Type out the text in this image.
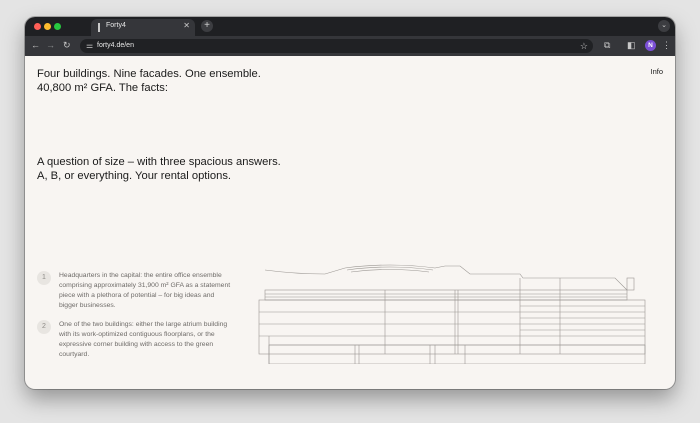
Forty4	✕	+	⌄
← → ↻ ⚌ forty4.de/en	☆ ⧉ ◧	N	⋮
Four buildings. Nine facades. One ensemble.
40,800 m² GFA. The facts:
Info
A question of size – with three spacious answers.
A, B, or everything. Your rental options.
1	Headquarters in the capital: the entire office ensemble comprising approximately 31,900 m² GFA as a statement piece with a plethora of potential – for big ideas and bigger businesses.

2	One of the two buildings: either the large atrium building with its work-optimized contiguous floorplans, or the expressive corner building with access to the green courtyard.
